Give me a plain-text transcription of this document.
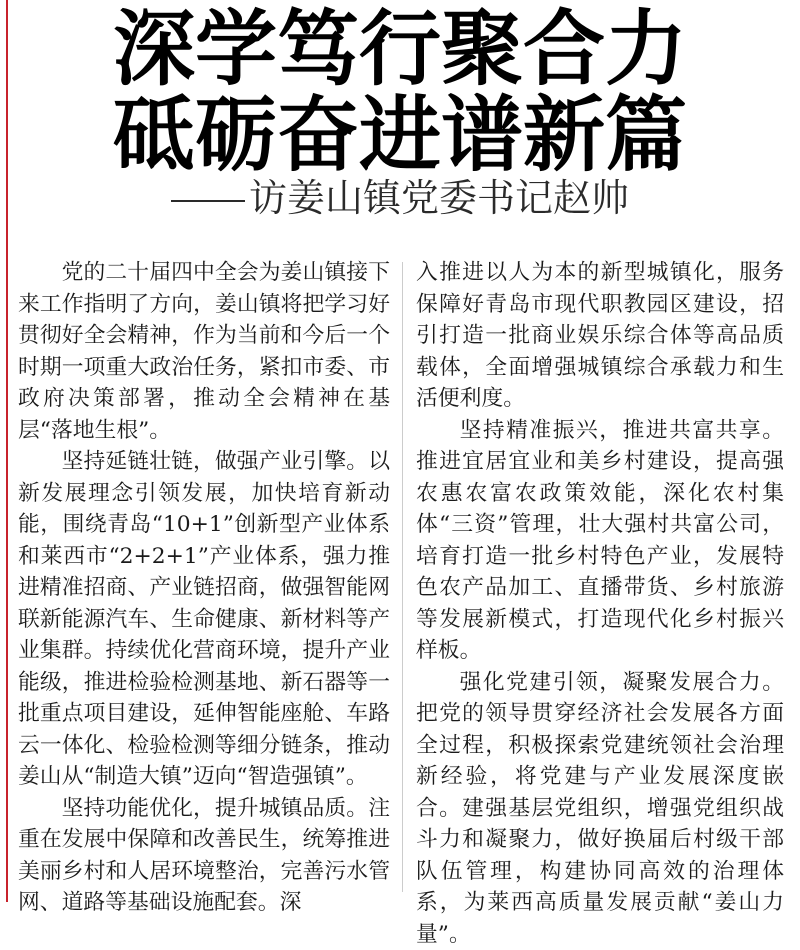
深学笃行聚合力
砥砺奋进谱新篇
访姜山镇党委书记赵帅

党的二十届四中全会为姜山镇接下来工作指明了方向，姜山镇将把学习好贯彻好全会精神，作为当前和今后一个时期一项重大政治任务，紧扣市委、市政府决策部署，推动全会精神在基层“落地生根”。

坚持延链壮链，做强产业引擎。以新发展理念引领发展，加快培育新动能，围绕青岛“10+1”创新型产业体系和莱西市“2+2+1”产业体系，强力推进精准招商、产业链招商，做强智能网联新能源汽车、生命健康、新材料等产业集群。持续优化营商环境，提升产业能级，推进检验检测基地、新石器等一批重点项目建设，延伸智能座舱、车路云一体化、检验检测等细分链条，推动姜山从“制造大镇”迈向“智造强镇”。

坚持功能优化，提升城镇品质。注重在发展中保障和改善民生，统筹推进美丽乡村和人居环境整治，完善污水管网、道路等基础设施配套。深

入推进以人为本的新型城镇化，服务保障好青岛市现代职教园区建设，招引打造一批商业娱乐综合体等高品质载体，全面增强城镇综合承载力和生活便利度。

坚持精准振兴，推进共富共享。推进宜居宜业和美乡村建设，提高强农惠农富农政策效能，深化农村集体“三资”管理，壮大强村共富公司，培育打造一批乡村特色产业，发展特色农产品加工、直播带货、乡村旅游等发展新模式，打造现代化乡村振兴样板。

强化党建引领，凝聚发展合力。把党的领导贯穿经济社会发展各方面全过程，积极探索党建统领社会治理新经验，将党建与产业发展深度嵌合。建强基层党组织，增强党组织战斗力和凝聚力，做好换届后村级干部队伍管理，构建协同高效的治理体系，为莱西高质量发展贡献“姜山力量”。
